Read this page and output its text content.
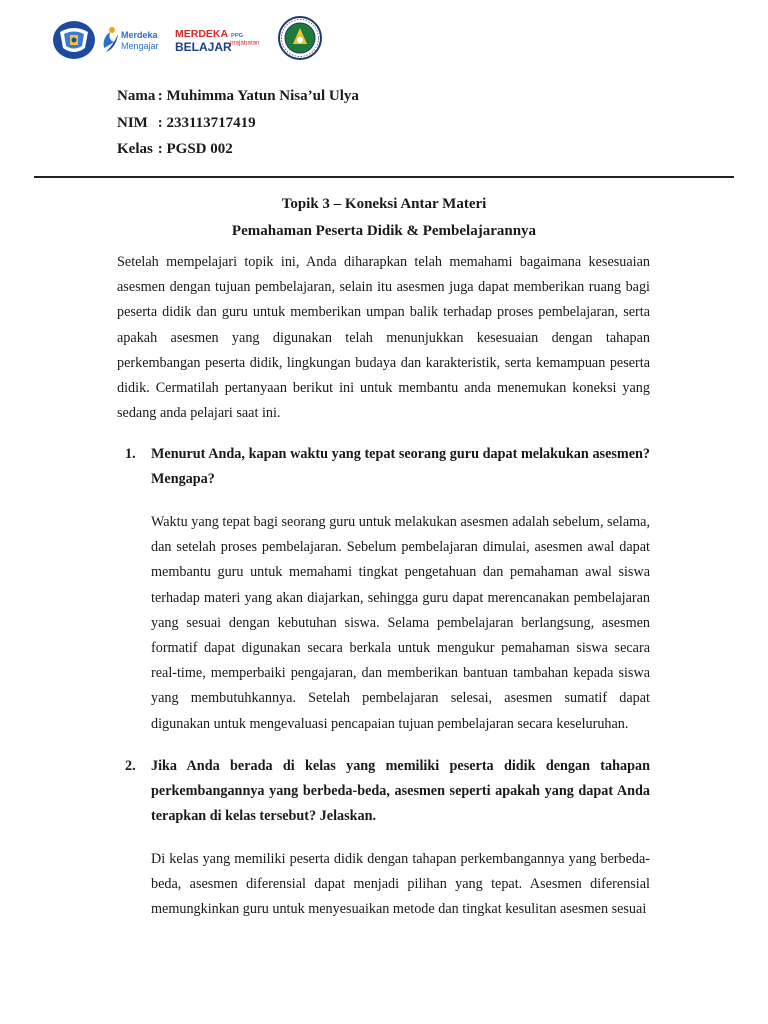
Merdeka
Mengajar
MERDEKA
BELAJAR
PPG
prajabatan
Nama : Muhimma Yatun Nisa’ul Ulya
NIM : 233113717419
Kelas : PGSD 002
Topik 3 – Koneksi Antar Materi
Pemahaman Peserta Didik & Pembelajarannya

Setelah mempelajari topik ini, Anda diharapkan telah memahami bagaimana kesesuaian asesmen dengan tujuan pembelajaran, selain itu asesmen juga dapat memberikan ruang bagi peserta didik dan guru untuk memberikan umpan balik terhadap proses pembelajaran, serta apakah asesmen yang digunakan telah menunjukkan kesesuaian dengan tahapan perkembangan peserta didik, lingkungan budaya dan karakteristik, serta kemampuan peserta didik. Cermatilah pertanyaan berikut ini untuk membantu anda menemukan koneksi yang sedang anda pelajari saat ini.

1.	Menurut Anda, kapan waktu yang tepat seorang guru dapat melakukan asesmen? Mengapa?

Waktu yang tepat bagi seorang guru untuk melakukan asesmen adalah sebelum, selama, dan setelah proses pembelajaran. Sebelum pembelajaran dimulai, asesmen awal dapat membantu guru untuk memahami tingkat pengetahuan dan pemahaman awal siswa terhadap materi yang akan diajarkan, sehingga guru dapat merencanakan pembelajaran yang sesuai dengan kebutuhan siswa. Selama pembelajaran berlangsung, asesmen formatif dapat digunakan secara berkala untuk mengukur pemahaman siswa secara real-time, memperbaiki pengajaran, dan memberikan bantuan tambahan kepada siswa yang membutuhkannya. Setelah pembelajaran selesai, asesmen sumatif dapat digunakan untuk mengevaluasi pencapaian tujuan pembelajaran secara keseluruhan.

2.	Jika Anda berada di kelas yang memiliki peserta didik dengan tahapan perkembangannya yang berbeda-beda, asesmen seperti apakah yang dapat Anda terapkan di kelas tersebut? Jelaskan.

Di kelas yang memiliki peserta didik dengan tahapan perkembangannya yang berbeda-beda, asesmen diferensial dapat menjadi pilihan yang tepat. Asesmen diferensial memungkinkan guru untuk menyesuaikan metode dan tingkat kesulitan asesmen sesuai
